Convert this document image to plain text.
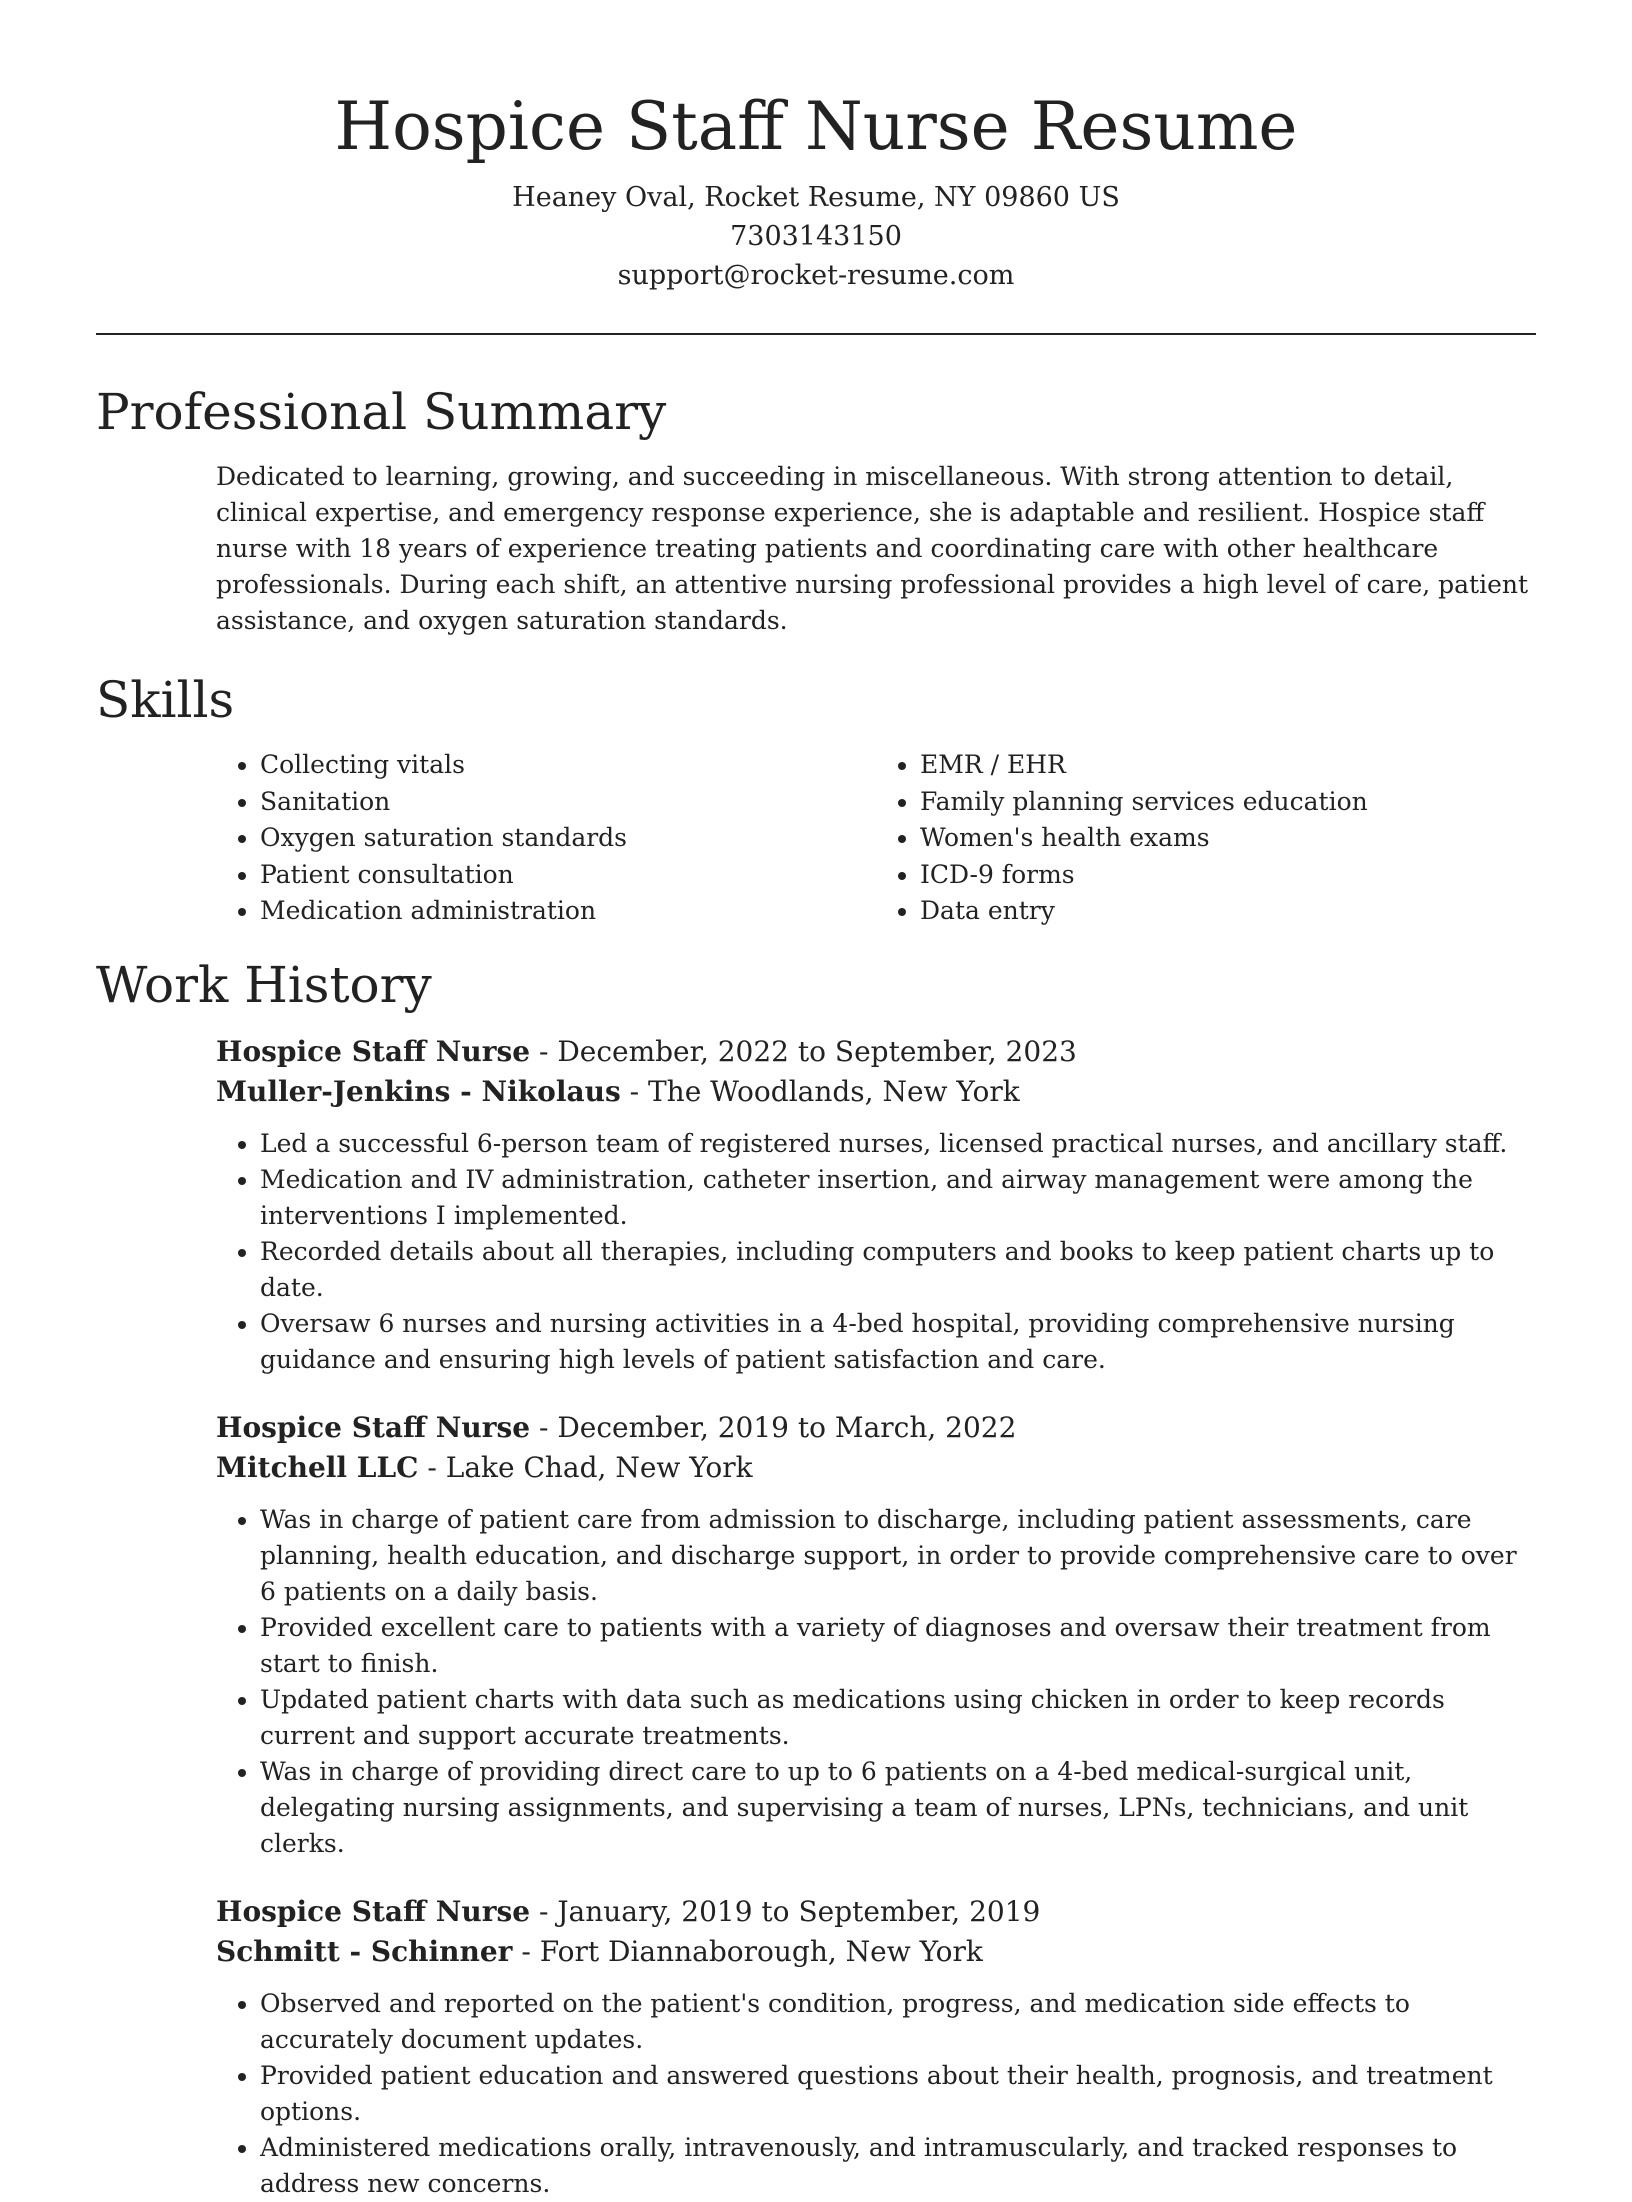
Hospice Staff Nurse Resume
Heaney Oval, Rocket Resume, NY 09860 US
7303143150
support@rocket-resume.com
Professional Summary

Dedicated to learning, growing, and succeeding in miscellaneous. With strong attention to detail, clinical expertise, and emergency response experience, she is adaptable and resilient. Hospice staff nurse with 18 years of experience treating patients and coordinating care with other healthcare professionals. During each shift, an attentive nursing professional provides a high level of care, patient assistance, and oxygen saturation standards.

Skills
• Collecting vitals
• Sanitation
• Oxygen saturation standards
• Patient consultation
• Medication administration
• EMR / EHR
• Family planning services education
• Women's health exams
• ICD-9 forms
• Data entry
Work History
Hospice Staff Nurse - December, 2022 to September, 2023
Muller-Jenkins - Nikolaus - The Woodlands, New York
• Led a successful 6-person team of registered nurses, licensed practical nurses, and ancillary staff.
• Medication and IV administration, catheter insertion, and airway management were among the interventions I implemented.
• Recorded details about all therapies, including computers and books to keep patient charts up to date.
• Oversaw 6 nurses and nursing activities in a 4-bed hospital, providing comprehensive nursing guidance and ensuring high levels of patient satisfaction and care.
Hospice Staff Nurse - December, 2019 to March, 2022
Mitchell LLC - Lake Chad, New York
• Was in charge of patient care from admission to discharge, including patient assessments, care planning, health education, and discharge support, in order to provide comprehensive care to over 6 patients on a daily basis.
• Provided excellent care to patients with a variety of diagnoses and oversaw their treatment from start to finish.
• Updated patient charts with data such as medications using chicken in order to keep records current and support accurate treatments.
• Was in charge of providing direct care to up to 6 patients on a 4-bed medical-surgical unit, delegating nursing assignments, and supervising a team of nurses, LPNs, technicians, and unit clerks.
Hospice Staff Nurse - January, 2019 to September, 2019
Schmitt - Schinner - Fort Diannaborough, New York
• Observed and reported on the patient's condition, progress, and medication side effects to accurately document updates.
• Provided patient education and answered questions about their health, prognosis, and treatment options.
• Administered medications orally, intravenously, and intramuscularly, and tracked responses to address new concerns.
